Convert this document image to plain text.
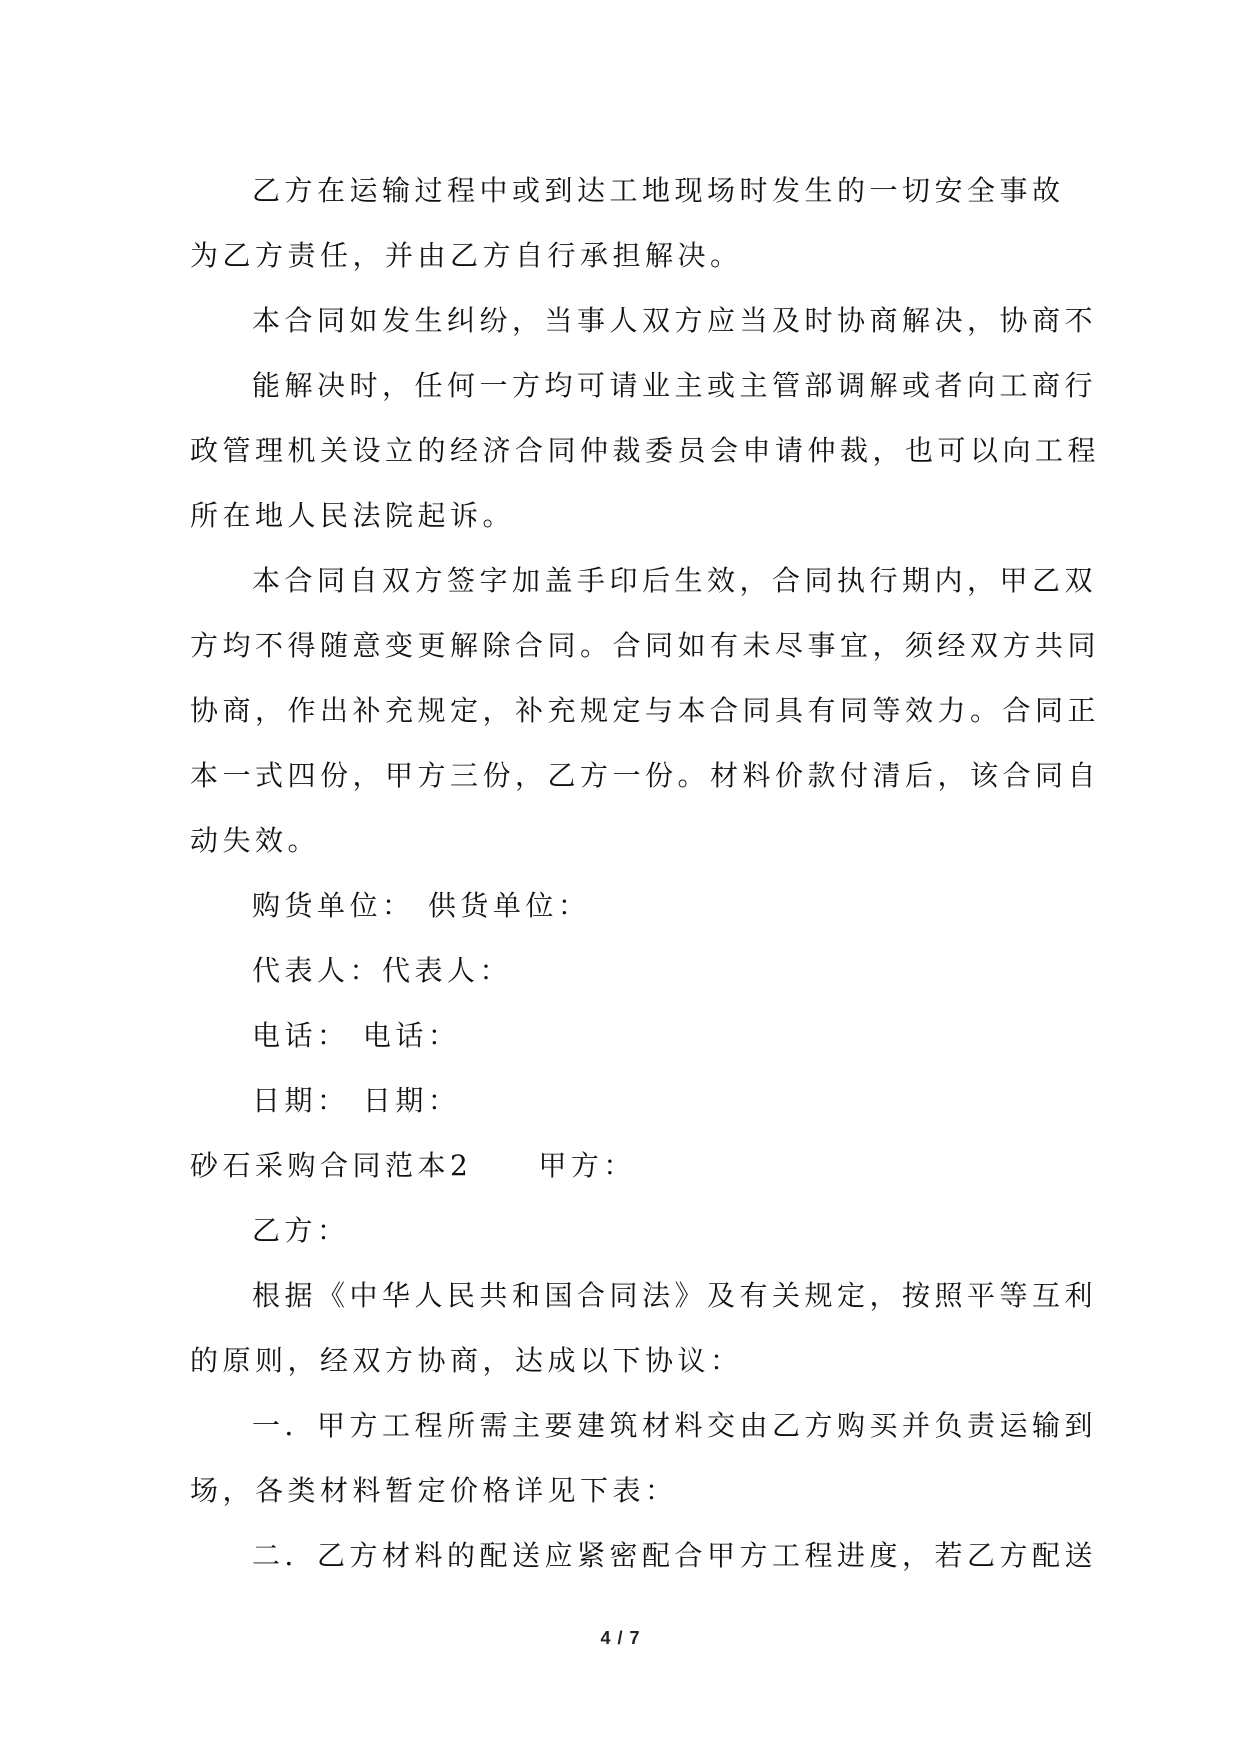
乙方在运输过程中或到达工地现场时发生的一切安全事故
为乙方责任，并由乙方自行承担解决。
本合同如发生纠纷，当事人双方应当及时协商解决，协商不
能解决时，任何一方均可请业主或主管部调解或者向工商行
政管理机关设立的经济合同仲裁委员会申请仲裁，也可以向工程
所在地人民法院起诉。
本合同自双方签字加盖手印后生效，合同执行期内，甲乙双
方均不得随意变更解除合同。合同如有未尽事宜，须经双方共同
协商，作出补充规定，补充规定与本合同具有同等效力。合同正
本一式四份，甲方三份，乙方一份。材料价款付清后，该合同自
动失效。
购货单位： 供货单位：
代表人：代表人：
电话： 电话：
日期： 日期：
砂石采购合同范本2 甲方：
乙方：
根据《中华人民共和国合同法》及有关规定，按照平等互利
的原则，经双方协商，达成以下协议：
一．甲方工程所需主要建筑材料交由乙方购买并负责运输到
场，各类材料暂定价格详见下表：
二．乙方材料的配送应紧密配合甲方工程进度，若乙方配送
4 / 7
